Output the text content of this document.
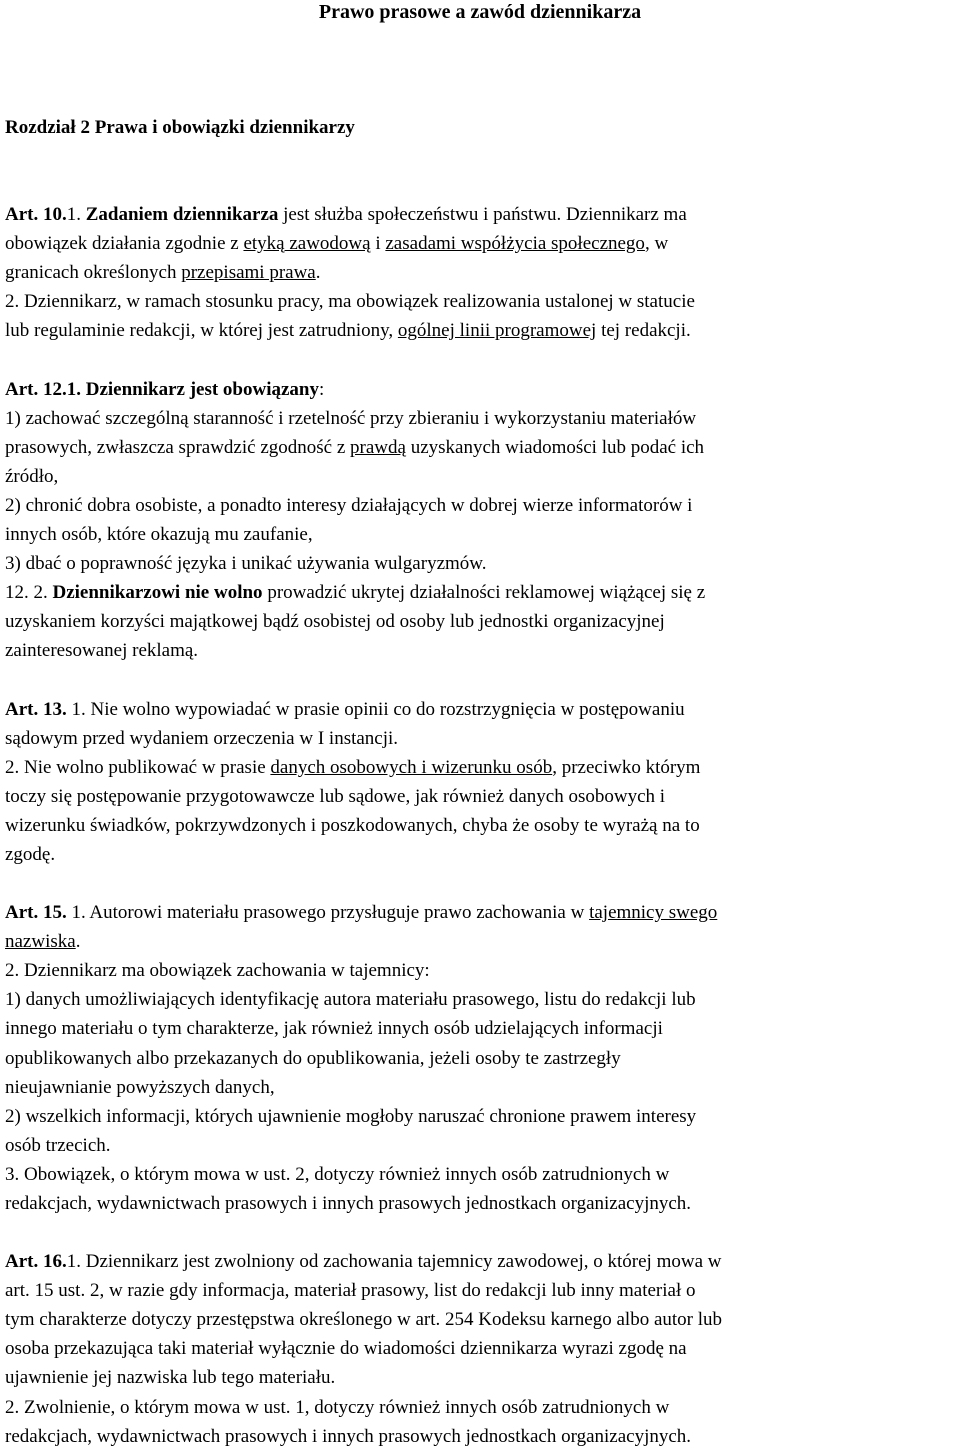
Prawo prasowe a zawód dziennikarza

Rozdział 2 Prawa i obowiązki dziennikarzy

Art. 10.1. Zadaniem dziennikarza jest służba społeczeństwu i państwu. Dziennikarz ma

obowiązek działania zgodnie z etyką zawodową i zasadami współżycia społecznego, w

granicach określonych przepisami prawa.

2. Dziennikarz, w ramach stosunku pracy, ma obowiązek realizowania ustalonej w statucie

lub regulaminie redakcji, w której jest zatrudniony, ogólnej linii programowej tej redakcji.

Art. 12.1. Dziennikarz jest obowiązany:

1) zachować szczególną staranność i rzetelność przy zbieraniu i wykorzystaniu materiałów

prasowych, zwłaszcza sprawdzić zgodność z prawdą uzyskanych wiadomości lub podać ich

źródło,

2) chronić dobra osobiste, a ponadto interesy działających w dobrej wierze informatorów i

innych osób, które okazują mu zaufanie,

3) dbać o poprawność języka i unikać używania wulgaryzmów.

12. 2. Dziennikarzowi nie wolno prowadzić ukrytej działalności reklamowej wiążącej się z

uzyskaniem korzyści majątkowej bądź osobistej od osoby lub jednostki organizacyjnej

zainteresowanej reklamą.

Art. 13. 1. Nie wolno wypowiadać w prasie opinii co do rozstrzygnięcia w postępowaniu

sądowym przed wydaniem orzeczenia w I instancji.

2. Nie wolno publikować w prasie danych osobowych i wizerunku osób, przeciwko którym

toczy się postępowanie przygotowawcze lub sądowe, jak również danych osobowych i

wizerunku świadków, pokrzywdzonych i poszkodowanych, chyba że osoby te wyrażą na to

zgodę.

Art. 15. 1. Autorowi materiału prasowego przysługuje prawo zachowania w tajemnicy swego

nazwiska.

2. Dziennikarz ma obowiązek zachowania w tajemnicy:

1) danych umożliwiających identyfikację autora materiału prasowego, listu do redakcji lub

innego materiału o tym charakterze, jak również innych osób udzielających informacji

opublikowanych albo przekazanych do opublikowania, jeżeli osoby te zastrzegły

nieujawnianie powyższych danych,

2) wszelkich informacji, których ujawnienie mogłoby naruszać chronione prawem interesy

osób trzecich.

3. Obowiązek, o którym mowa w ust. 2, dotyczy również innych osób zatrudnionych w

redakcjach, wydawnictwach prasowych i innych prasowych jednostkach organizacyjnych.

Art. 16.1. Dziennikarz jest zwolniony od zachowania tajemnicy zawodowej, o której mowa w

art. 15 ust. 2, w razie gdy informacja, materiał prasowy, list do redakcji lub inny materiał o

tym charakterze dotyczy przestępstwa określonego w art. 254 Kodeksu karnego albo autor lub

osoba przekazująca taki materiał wyłącznie do wiadomości dziennikarza wyrazi zgodę na

ujawnienie jej nazwiska lub tego materiału.

2. Zwolnienie, o którym mowa w ust. 1, dotyczy również innych osób zatrudnionych w

redakcjach, wydawnictwach prasowych i innych prasowych jednostkach organizacyjnych.
